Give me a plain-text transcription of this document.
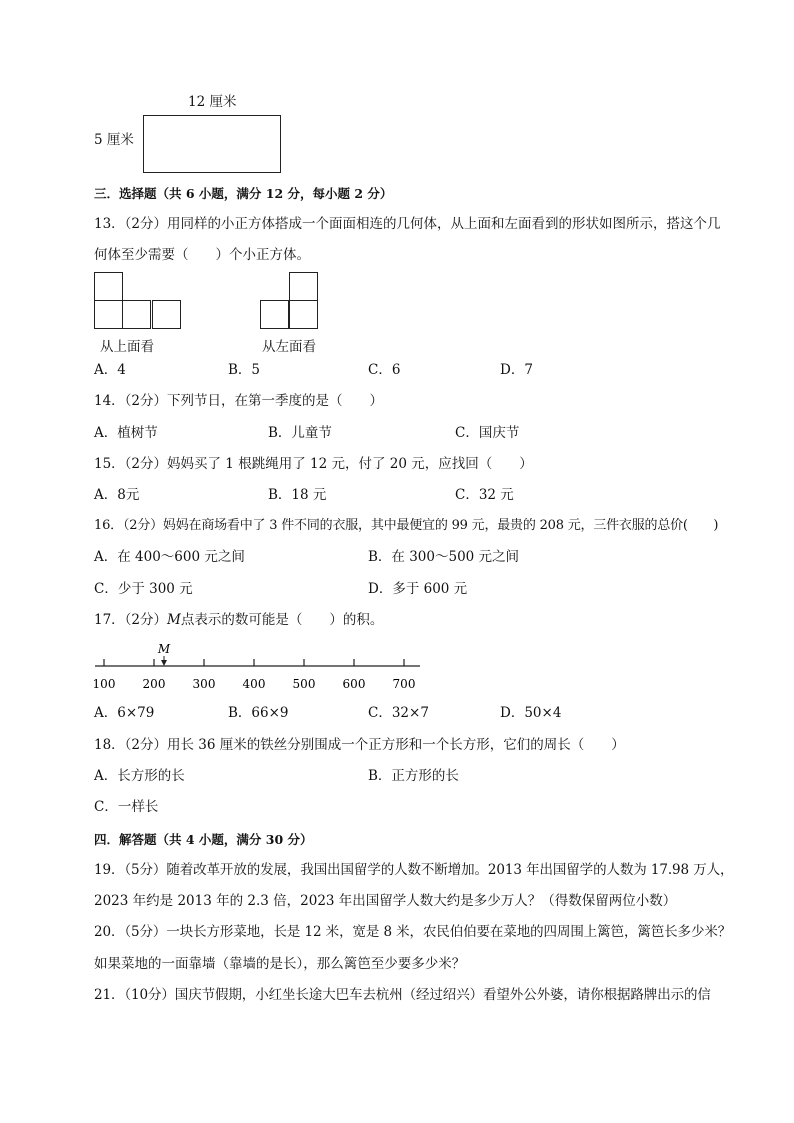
12 厘米
5 厘米
三．选择题（共 6 小题，满分 12 分，每小题 2 分）
13．（2分）用同样的小正方体搭成一个面面相连的几何体，从上面和左面看到的形状如图所示，搭这个几
何体至少需要（　　）个小正方体。
从上面看	从左面看
A．4	B．5	C．6	D．7
14．（2分）下列节日，在第一季度的是（　　）
A．植树节	B．儿童节	C．国庆节
15．（2分）妈妈买了 1 根跳绳用了 12 元，付了 20 元，应找回（　　）
A．8元	B．18 元	C．32 元
16．（2分）妈妈在商场看中了 3 件不同的衣服，其中最便宜的 99 元，最贵的 208 元，三件衣服的总价(　　)
A．在 400～600 元之间	B．在 300～500 元之间
C．少于 300 元	D．多于 600 元
17．（2分）M点表示的数可能是（　　）的积。
M
100 200 300 400 500 600 700
A．6×79	B．66×9	C．32×7	D．50×4
18．（2分）用长 36 厘米的铁丝分别围成一个正方形和一个长方形，它们的周长（　　）
A．长方形的长	B．正方形的长
C．一样长
四．解答题（共 4 小题，满分 30 分）
19．（5分）随着改革开放的发展，我国出国留学的人数不断增加。2013 年出国留学的人数为 17.98 万人，
2023 年约是 2013 年的 2.3 倍，2023 年出国留学人数大约是多少万人？（得数保留两位小数）
20．（5分）一块长方形菜地，长是 12 米，宽是 8 米，农民伯伯要在菜地的四周围上篱笆，篱笆长多少米？
如果菜地的一面靠墙（靠墙的是长），那么篱笆至少要多少米？
21．（10分）国庆节假期，小红坐长途大巴车去杭州（经过绍兴）看望外公外婆，请你根据路牌出示的信
